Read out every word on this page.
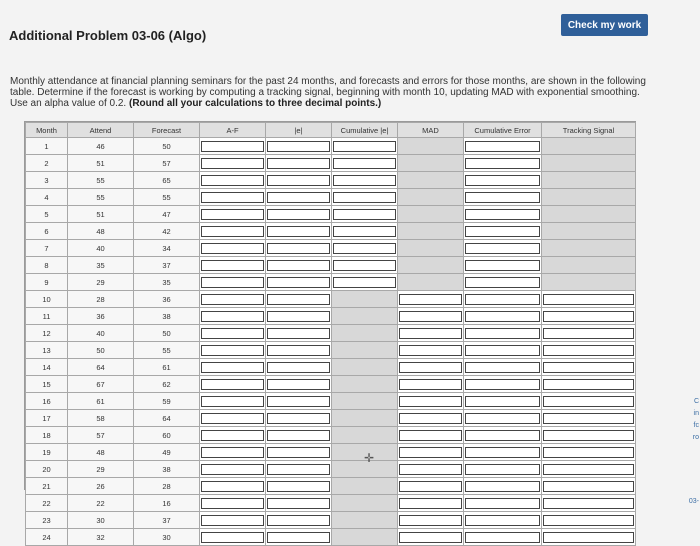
Check my work
Additional Problem 03-06 (Algo)

Monthly attendance at financial planning seminars for the past 24 months, and forecasts and errors for those months, are shown in the following table. Determine if the forecast is working by computing a tracking signal, beginning with month 10, updating MAD with exponential smoothing. Use an alpha value of 0.2. (Round all your calculations to three decimal points.)

Month	Attend	Forecast	A-F	|e|	Cumulative |e|	MAD	Cumulative Error	Tracking Signal
1	46	50						
2	51	57						
3	55	65						
4	55	55						
5	51	47						
6	48	42						
7	40	34						
8	35	37						
9	29	35						
10	28	36						
11	36	38						
12	40	50						
13	50	55						
14	64	61						
15	67	62						
16	61	59						
17	58	64						
18	57	60						
19	48	49						
20	29	38						
21	26	28						
22	22	16						
23	30	37						
24	32	30						
✛
C
in
fc
ro
03-
